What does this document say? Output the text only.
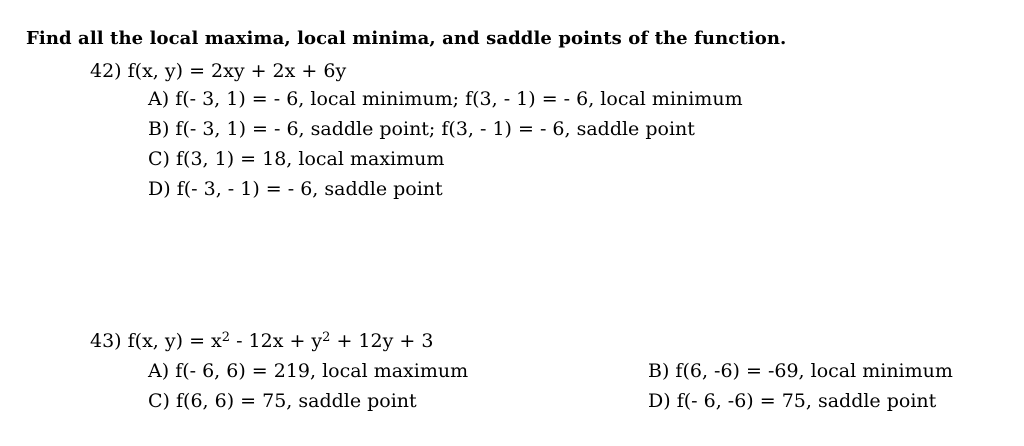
Find all the local maxima, local minima, and saddle points of the function.
42) f(x, y) = 2xy + 2x + 6y
A) f(- 3, 1) = - 6, local minimum; f(3, - 1) = - 6, local minimum
B) f(- 3, 1) = - 6, saddle point; f(3, - 1) = - 6, saddle point
C) f(3, 1) = 18, local maximum
D) f(- 3, - 1) = - 6, saddle point
43) f(x, $y) = x^2 - 12x + y^2 + 12y + 3$
A) f(- 6, 6) = 219, local maximum	B) f(6, -6) = -69, local minimum
C) f(6, 6) = 75, saddle point	D) f(- 6, -6) = 75, saddle point
